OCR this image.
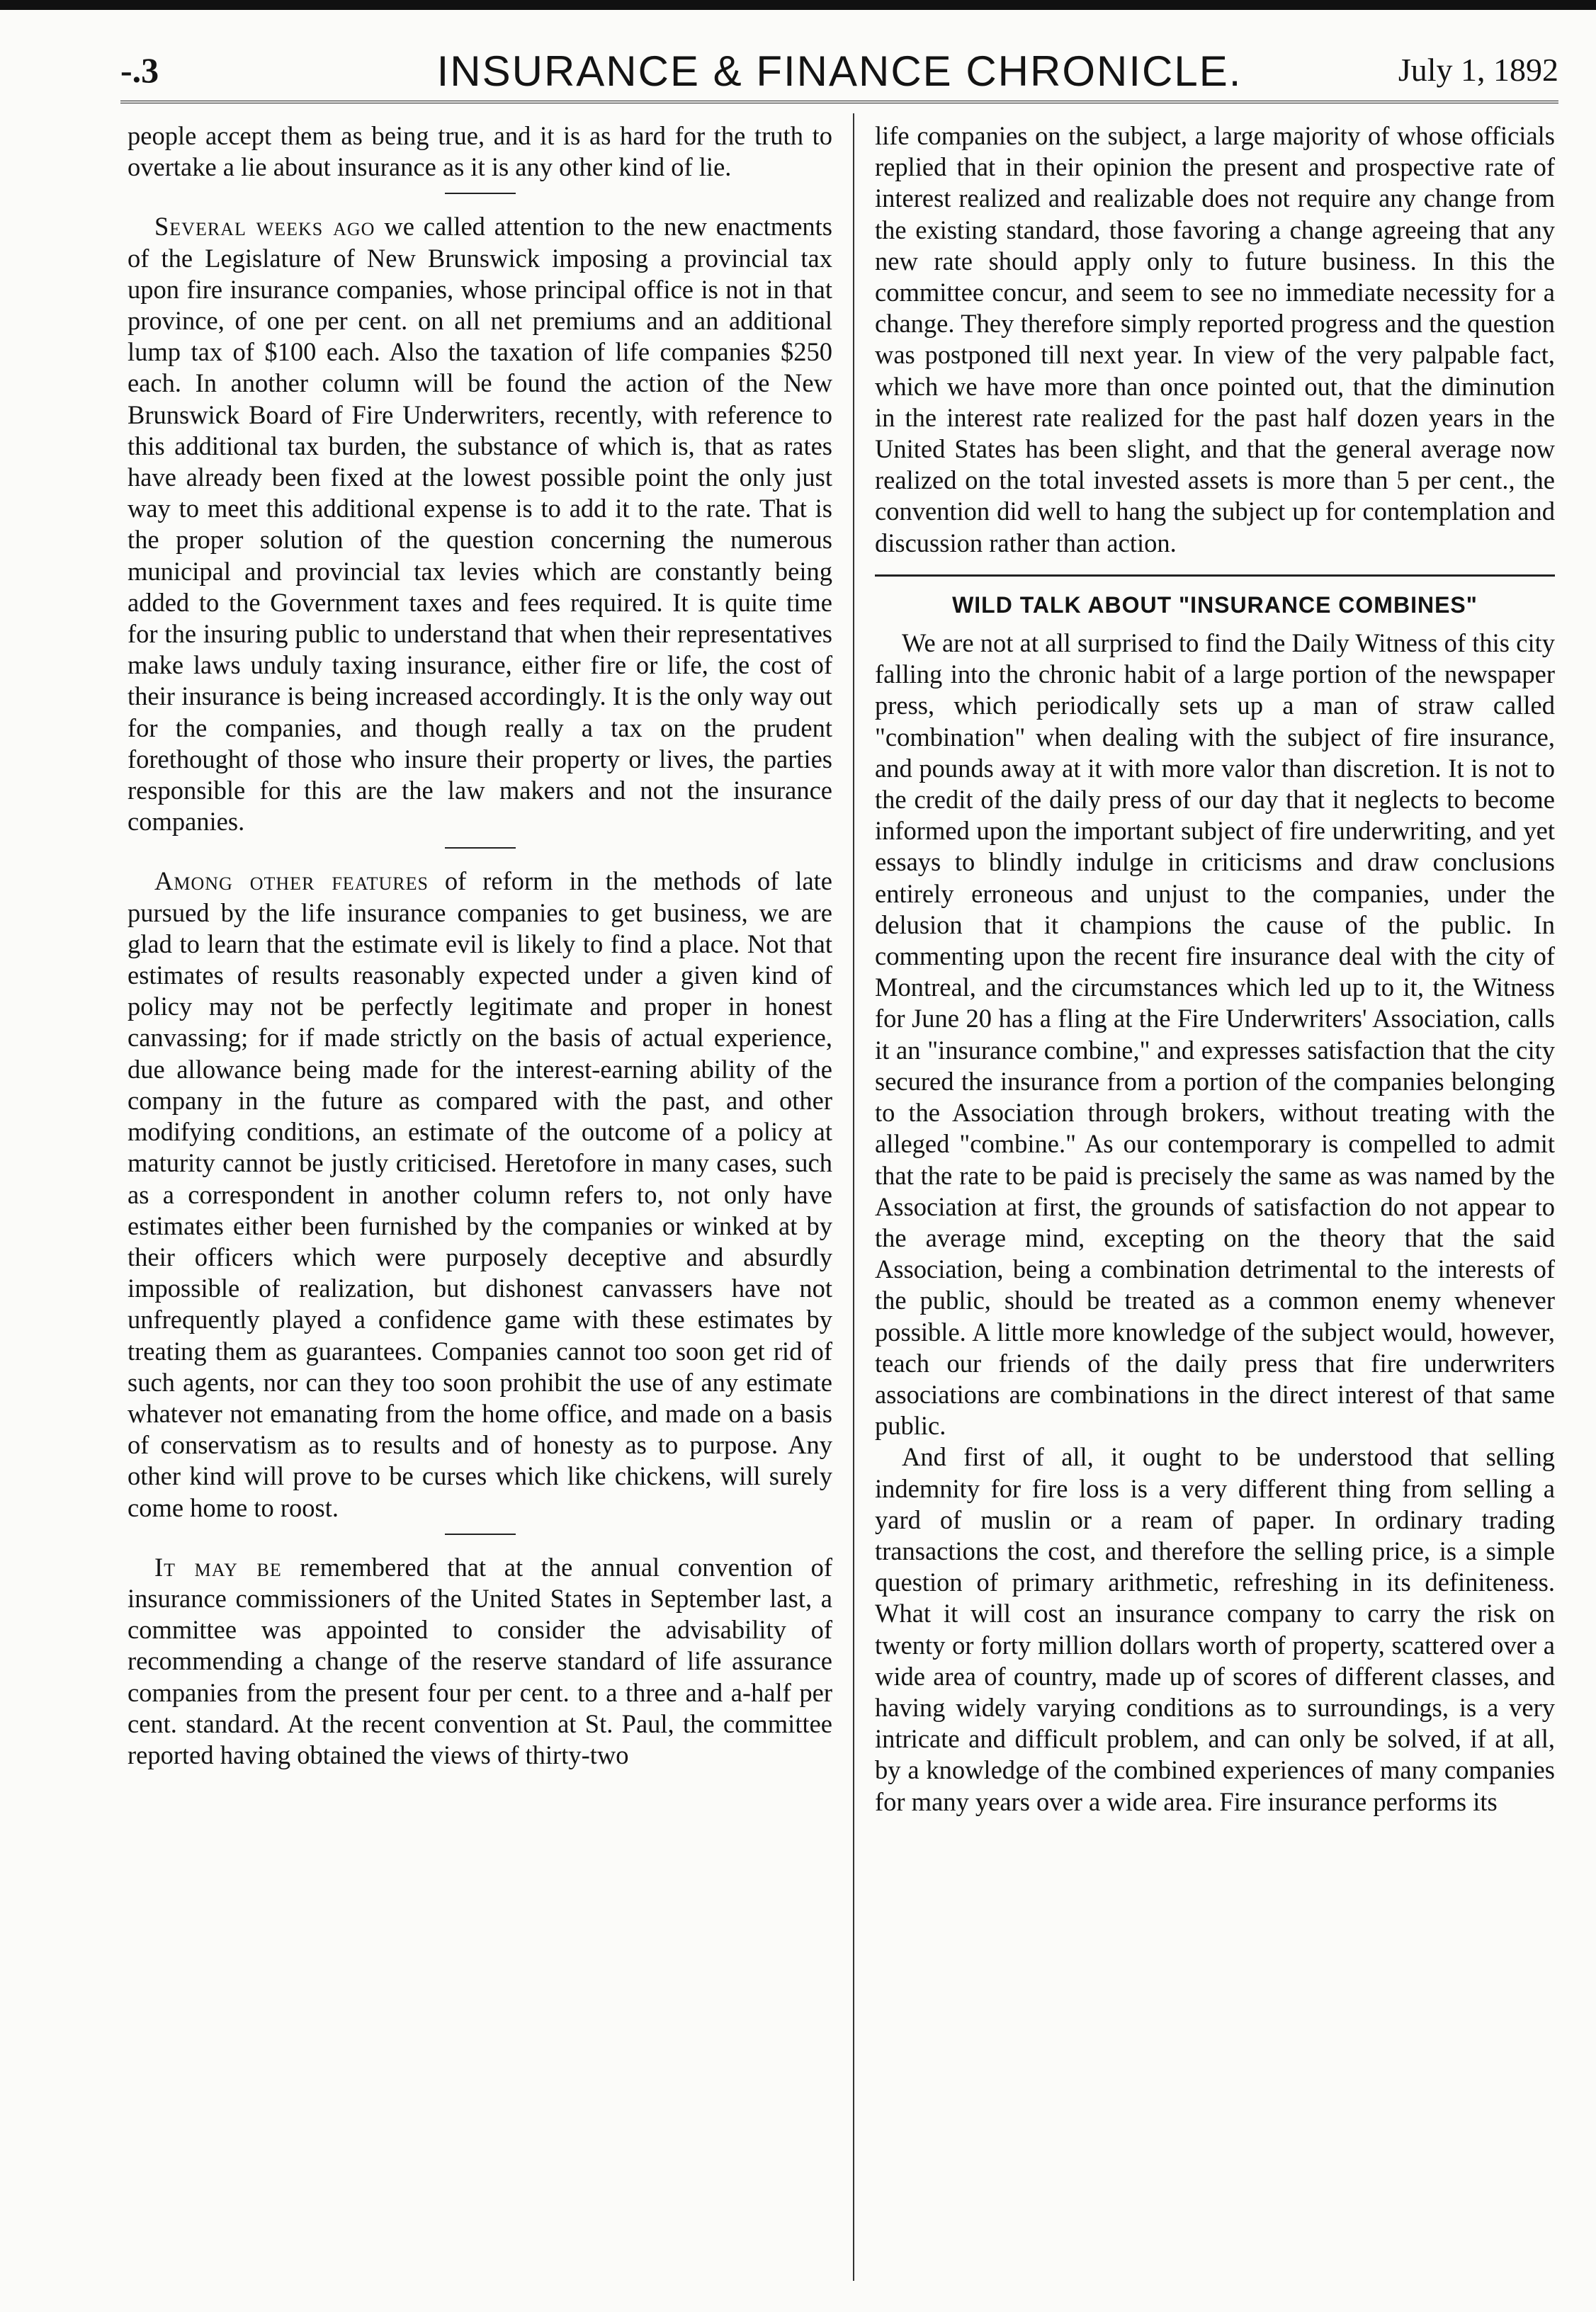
-.3	INSURANCE & FINANCE CHRONICLE.	July 1, 1892

people accept them as being true, and it is as hard for the truth to overtake a lie about insurance as it is any other kind of lie.

Several weeks ago we called attention to the new enactments of the Legislature of New Brunswick imposing a provincial tax upon fire insurance companies, whose principal office is not in that province, of one per cent. on all net premiums and an additional lump tax of $100 each. Also the taxation of life companies $250 each. In another column will be found the action of the New Brunswick Board of Fire Underwriters, recently, with reference to this additional tax burden, the substance of which is, that as rates have already been fixed at the lowest possible point the only just way to meet this additional expense is to add it to the rate. That is the proper solution of the question concerning the numerous municipal and provincial tax levies which are constantly being added to the Government taxes and fees required. It is quite time for the insuring public to understand that when their representatives make laws unduly taxing insurance, either fire or life, the cost of their insurance is being increased accordingly. It is the only way out for the companies, and though really a tax on the prudent forethought of those who insure their property or lives, the parties responsible for this are the law makers and not the insurance companies.

Among other features of reform in the methods of late pursued by the life insurance companies to get business, we are glad to learn that the estimate evil is likely to find a place. Not that estimates of results reasonably expected under a given kind of policy may not be perfectly legitimate and proper in honest canvassing; for if made strictly on the basis of actual experience, due allowance being made for the interest-earning ability of the company in the future as compared with the past, and other modifying conditions, an estimate of the outcome of a policy at maturity cannot be justly criticised. Heretofore in many cases, such as a correspondent in another column refers to, not only have estimates either been furnished by the companies or winked at by their officers which were purposely deceptive and absurdly impossible of realization, but dishonest canvassers have not unfrequently played a confidence game with these estimates by treating them as guarantees. Companies cannot too soon get rid of such agents, nor can they too soon prohibit the use of any estimate whatever not emanating from the home office, and made on a basis of conservatism as to results and of honesty as to purpose. Any other kind will prove to be curses which like chickens, will surely come home to roost.

It may be remembered that at the annual convention of insurance commissioners of the United States in September last, a committee was appointed to consider the advisability of recommending a change of the reserve standard of life assurance companies from the present four per cent. to a three and a-half per cent. standard. At the recent convention at St. Paul, the committee reported having obtained the views of thirty-two

life companies on the subject, a large majority of whose officials replied that in their opinion the present and prospective rate of interest realized and realizable does not require any change from the existing standard, those favoring a change agreeing that any new rate should apply only to future business. In this the committee concur, and seem to see no immediate necessity for a change. They therefore simply reported progress and the question was postponed till next year. In view of the very palpable fact, which we have more than once pointed out, that the diminution in the interest rate realized for the past half dozen years in the United States has been slight, and that the general average now realized on the total invested assets is more than 5 per cent., the convention did well to hang the subject up for contemplation and discussion rather than action.

WILD TALK ABOUT "INSURANCE COMBINES"

We are not at all surprised to find the Daily Witness of this city falling into the chronic habit of a large portion of the newspaper press, which periodically sets up a man of straw called "combination" when dealing with the subject of fire insurance, and pounds away at it with more valor than discretion. It is not to the credit of the daily press of our day that it neglects to become informed upon the important subject of fire underwriting, and yet essays to blindly indulge in criticisms and draw conclusions entirely erroneous and unjust to the companies, under the delusion that it champions the cause of the public. In commenting upon the recent fire insurance deal with the city of Montreal, and the circumstances which led up to it, the Witness for June 20 has a fling at the Fire Underwriters' Association, calls it an "insurance combine," and expresses satisfaction that the city secured the insurance from a portion of the companies belonging to the Association through brokers, without treating with the alleged "combine." As our contemporary is compelled to admit that the rate to be paid is precisely the same as was named by the Association at first, the grounds of satisfaction do not appear to the average mind, excepting on the theory that the said Association, being a combination detrimental to the interests of the public, should be treated as a common enemy whenever possible. A little more knowledge of the subject would, however, teach our friends of the daily press that fire underwriters associations are combinations in the direct interest of that same public.

And first of all, it ought to be understood that selling indemnity for fire loss is a very different thing from selling a yard of muslin or a ream of paper. In ordinary trading transactions the cost, and therefore the selling price, is a simple question of primary arithmetic, refreshing in its definiteness. What it will cost an insurance company to carry the risk on twenty or forty million dollars worth of property, scattered over a wide area of country, made up of scores of different classes, and having widely varying conditions as to surroundings, is a very intricate and difficult problem, and can only be solved, if at all, by a knowledge of the combined experiences of many companies for many years over a wide area. Fire insurance performs its
